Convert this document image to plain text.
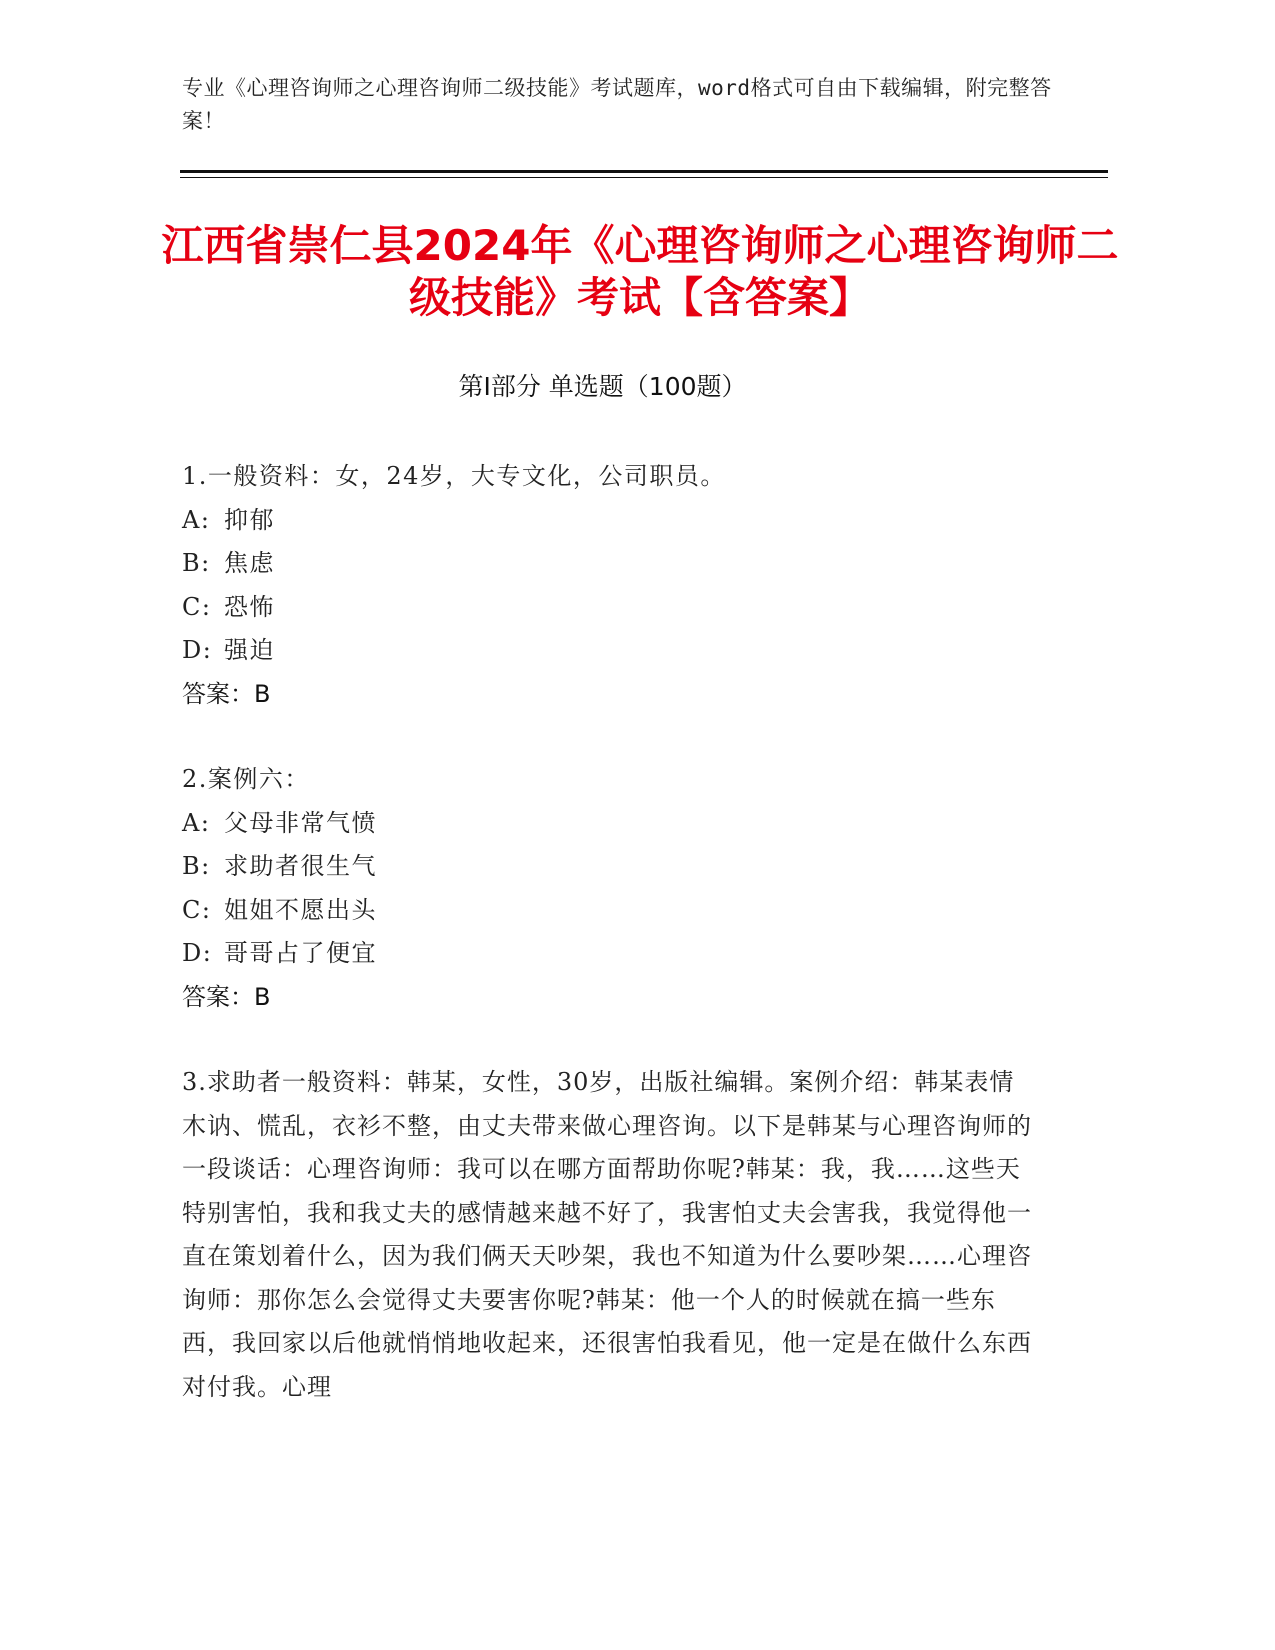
专业《心理咨询师之心理咨询师二级技能》考试题库，word格式可自由下载编辑，附完整答案！
江西省崇仁县2024年《心理咨询师之心理咨询师二级技能》考试【含答案】
第Ⅰ部分 单选题（100题）
1.一般资料：女，24岁，大专文化，公司职员。
A: 抑郁
B: 焦虑
C: 恐怖
D: 强迫
答案：B
2.案例六：
A: 父母非常气愤
B: 求助者很生气
C: 姐姐不愿出头
D: 哥哥占了便宜
答案：B
3.求助者一般资料：韩某，女性，30岁，出版社编辑。案例介绍：韩某表情木讷、慌乱，衣衫不整，由丈夫带来做心理咨询。以下是韩某与心理咨询师的一段谈话：心理咨询师：我可以在哪方面帮助你呢?韩某：我，我……这些天特别害怕，我和我丈夫的感情越来越不好了，我害怕丈夫会害我，我觉得他一直在策划着什么，因为我们俩天天吵架，我也不知道为什么要吵架……心理咨询师：那你怎么会觉得丈夫要害你呢?韩某：他一个人的时候就在搞一些东西，我回家以后他就悄悄地收起来，还很害怕我看见，他一定是在做什么东西对付我。心理
